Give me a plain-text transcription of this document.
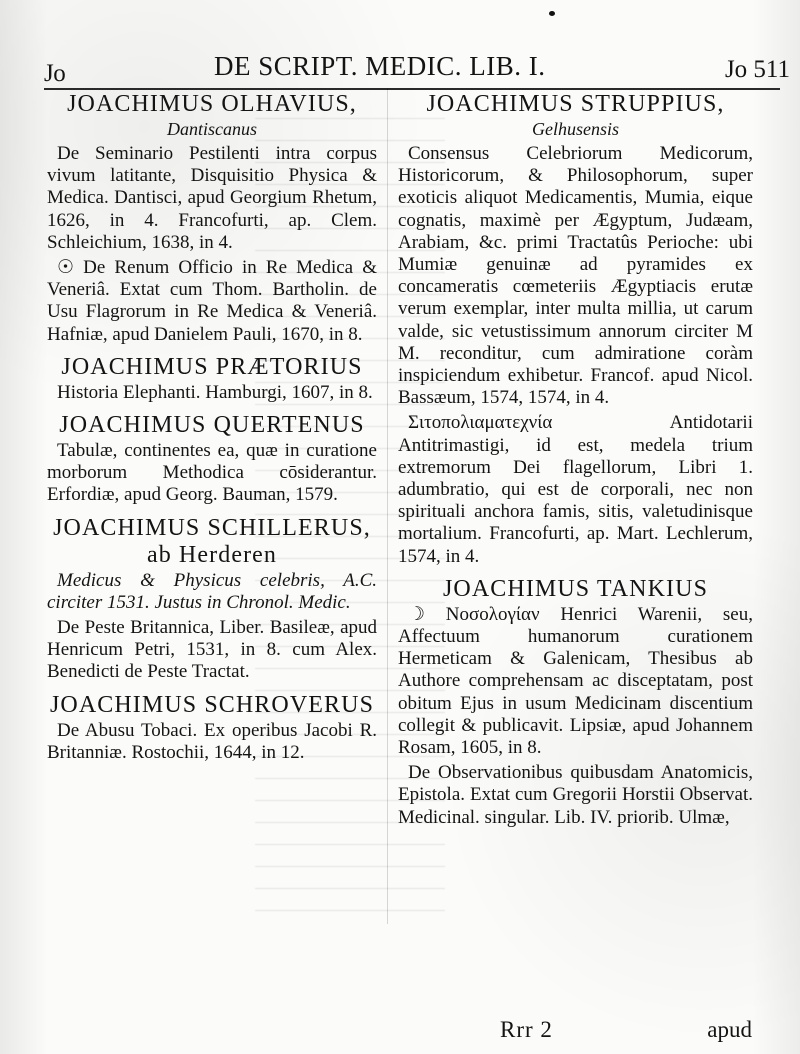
Jo	DE SCRIPT. MEDIC. LIB. I.	Jo 511
JOACHIMUS OLHAVIUS,
Dantiscanus

De Seminario Pestilenti intra corpus vivum latitante, Disquisitio Physica & Medica. Dantisci, apud Georgium Rhetum, 1626, in 4. Francofurti, ap. Clem. Schleichium, 1638, in 4.

☉ De Renum Officio in Re Medica & Veneriâ. Extat cum Thom. Bartholin. de Usu Flagrorum in Re Medica & Veneriâ. Hafniæ, apud Danielem Pauli, 1670, in 8.

JOACHIMUS PRÆTORIUS

Historia Elephanti. Hamburgi, 1607, in 8.

JOACHIMUS QUERTENUS

Tabulæ, continentes ea, quæ in curatione morborum Methodica cōsiderantur. Erfordiæ, apud Georg. Bauman, 1579.

JOACHIMUS SCHILLERUS, ab Herderen

Medicus & Physicus celebris, A.C. circiter 1531. Justus in Chronol. Medic.

De Peste Britannica, Liber. Basileæ, apud Henricum Petri, 1531, in 8. cum Alex. Benedicti de Peste Tractat.

JOACHIMUS SCHROVERUS

De Abusu Tobaci. Ex operibus Jacobi R. Britanniæ. Rostochii, 1644, in 12.

JOACHIMUS STRUPPIUS,
Gelhusensis

Consensus Celebriorum Medicorum, Historicorum, & Philosophorum, super exoticis aliquot Medicamentis, Mumia, eique cognatis, maximè per Ægyptum, Judæam, Arabiam, &c. primi Tractatûs Perioche: ubi Mumiæ genuinæ ad pyramides ex concameratis cœmeteriis Ægyptiacis erutæ verum exemplar, inter multa millia, ut carum valde, sic vetustissimum annorum circiter M M. reconditur, cum admiratione coràm inspiciendum exhibetur. Francof. apud Nicol. Bassæum, 1574, 1574, in 4.

Σιτοπολιαματεχνία Antidotarii Antitrimastigi, id est, medela trium extremorum Dei flagellorum, Libri 1. adumbratio, qui est de corporali, nec non spirituali anchora famis, sitis, valetudinisque mortalium. Francofurti, ap. Mart. Lechlerum, 1574, in 4.

JOACHIMUS TANKIUS

☽ Νοσολογίαν Henrici Warenii, seu, Affectuum humanorum curationem Hermeticam & Galenicam, Thesibus ab Authore comprehensam ac disceptatam, post obitum Ejus in usum Medicinam discentium collegit & publicavit. Lipsiæ, apud Johannem Rosam, 1605, in 8.

De Observationibus quibusdam Anatomicis, Epistola. Extat cum Gregorii Horstii Observat. Medicinal. singular. Lib. IV. priorib. Ulmæ,

Rrr 2	apud
